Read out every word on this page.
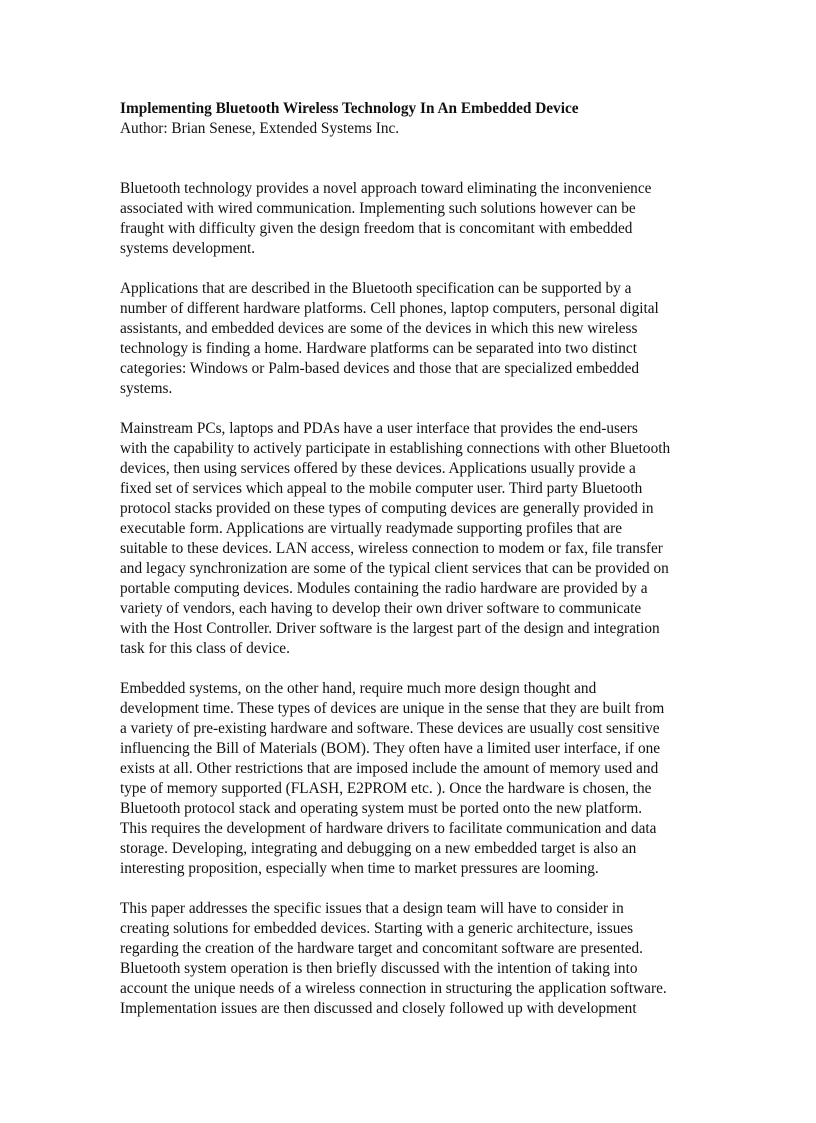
Implementing Bluetooth Wireless Technology In An Embedded Device

Author: Brian Senese, Extended Systems Inc.

Bluetooth technology provides a novel approach toward eliminating the inconvenience
associated with wired communication. Implementing such solutions however can be
fraught with difficulty given the design freedom that is concomitant with embedded
systems development.
Applications that are described in the Bluetooth specification can be supported by a
number of different hardware platforms. Cell phones, laptop computers, personal digital
assistants, and embedded devices are some of the devices in which this new wireless
technology is finding a home. Hardware platforms can be separated into two distinct
categories: Windows or Palm-based devices and those that are specialized embedded
systems.
Mainstream PCs, laptops and PDAs have a user interface that provides the end-users
with the capability to actively participate in establishing connections with other Bluetooth
devices, then using services offered by these devices. Applications usually provide a
fixed set of services which appeal to the mobile computer user. Third party Bluetooth
protocol stacks provided on these types of computing devices are generally provided in
executable form. Applications are virtually readymade supporting profiles that are
suitable to these devices. LAN access, wireless connection to modem or fax, file transfer
and legacy synchronization are some of the typical client services that can be provided on
portable computing devices. Modules containing the radio hardware are provided by a
variety of vendors, each having to develop their own driver software to communicate
with the Host Controller. Driver software is the largest part of the design and integration
task for this class of device.
Embedded systems, on the other hand, require much more design thought and
development time. These types of devices are unique in the sense that they are built from
a variety of pre-existing hardware and software. These devices are usually cost sensitive
influencing the Bill of Materials (BOM). They often have a limited user interface, if one
exists at all. Other restrictions that are imposed include the amount of memory used and
type of memory supported (FLASH, E2PROM etc. ). Once the hardware is chosen, the
Bluetooth protocol stack and operating system must be ported onto the new platform.
This requires the development of hardware drivers to facilitate communication and data
storage. Developing, integrating and debugging on a new embedded target is also an
interesting proposition, especially when time to market pressures are looming.
This paper addresses the specific issues that a design team will have to consider in
creating solutions for embedded devices. Starting with a generic architecture, issues
regarding the creation of the hardware target and concomitant software are presented.
Bluetooth system operation is then briefly discussed with the intention of taking into
account the unique needs of a wireless connection in structuring the application software.
Implementation issues are then discussed and closely followed up with development
